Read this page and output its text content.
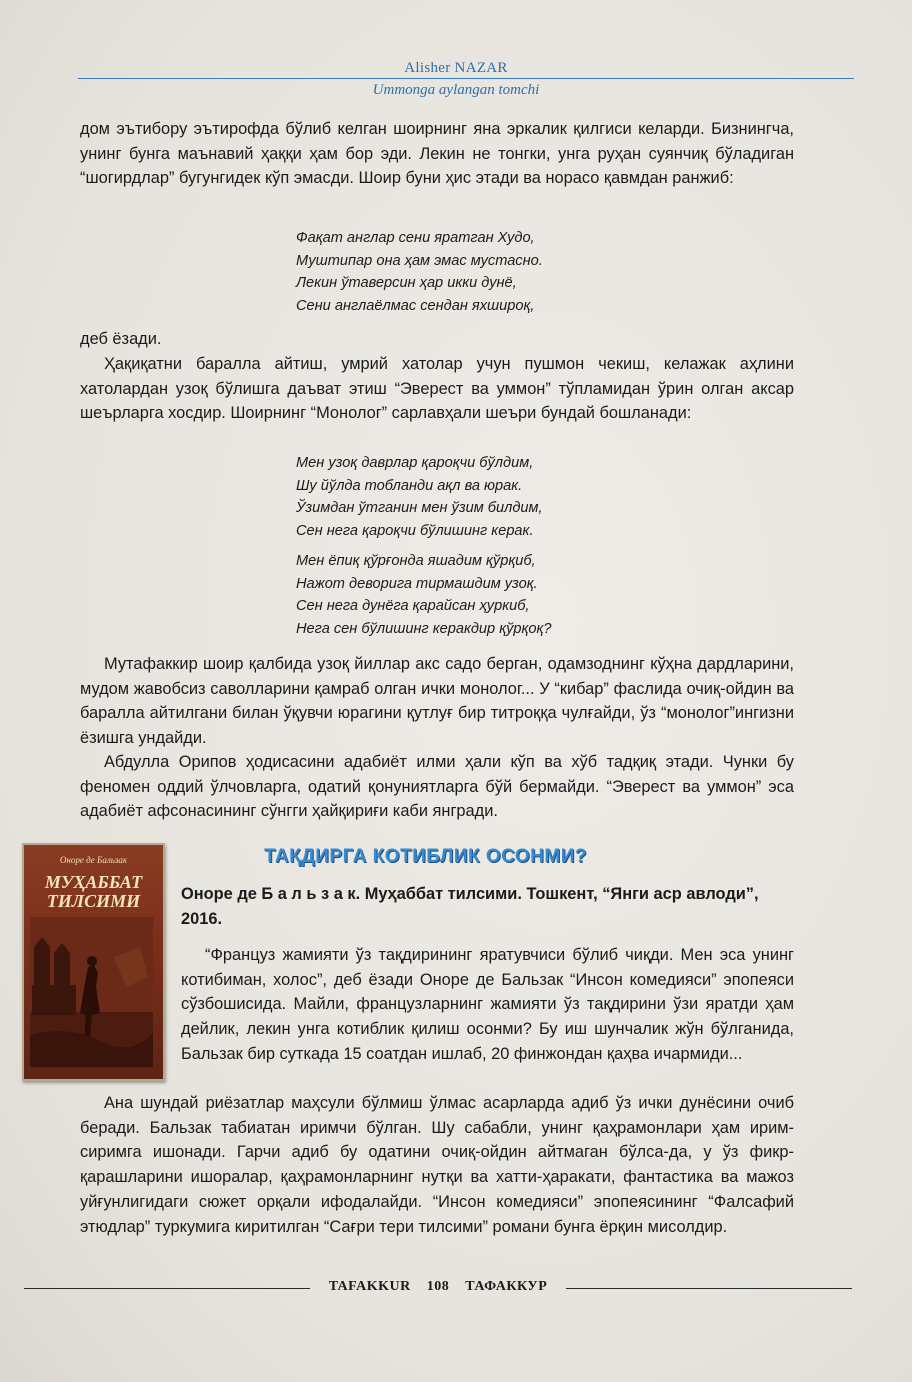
Alisher NAZAR
Ummonga aylangan tomchi

дом эътибору эътирофда бўлиб келган шоирнинг яна эркалик қилгиси келарди. Бизнингча, унинг бунга маънавий ҳаққи ҳам бор эди. Лекин не тонгки, унга руҳан суянчиқ бўладиган “шогирдлар” бугунгидек кўп эмасди. Шоир буни ҳис этади ва норасо қавмдан ранжиб:

Фақат англар сени яратган Худо,
Муштипар она ҳам эмас мустасно.
Лекин ўтаверсин ҳар икки дунё,
Сени англаёлмас сендан яхшироқ,

деб ёзади.

Ҳақиқатни баралла айтиш, умрий хатолар учун пушмон чекиш, келажак аҳлини хатолардан узоқ бўлишга даъват этиш “Эверест ва уммон” тўпламидан ўрин олган аксар шеърларга хосдир. Шоирнинг “Монолог” сарлавҳали шеъри бундай бошланади:

Мен узоқ даврлар қароқчи бўлдим,
Шу йўлда тобланди ақл ва юрак.
Ўзимдан ўтганин мен ўзим билдим,
Сен нега қароқчи бўлишинг керак.
Мен ёпиқ қўрғонда яшадим қўрқиб,
Нажот деворига тирмашдим узоқ.
Сен нега дунёга қарайсан ҳуркиб,
Нега сен бўлишинг керакдир қўрқоқ?

Мутафаккир шоир қалбида узоқ йиллар акс садо берган, одамзоднинг кўҳна дардларини, мудом жавобсиз саволларини қамраб олган ички монолог... У “кибар” фаслида очиқ-ойдин ва баралла айтилгани билан ўқувчи юрагини қутлуғ бир титроққа чулғайди, ўз “монолог”ингизни ёзишга ундайди.

Абдулла Орипов ҳодисасини адабиёт илми ҳали кўп ва хўб тадқиқ этади. Чунки бу феномен оддий ўлчовларга, одатий қонуниятларга бўй бермайди. “Эверест ва уммон” эса адабиёт афсонасининг сўнгги ҳайқириғи каби янгради.

Оноре де Бальзак
МУҲАББАТ
ТИЛСИМИ
ТАҚДИРГА КОТИБЛИК ОСОНМИ?

Оноре де Б а л ь з а к. Муҳаббат тилсими. Тошкент, “Янги аср авлоди”, 2016.

“Француз жамияти ўз тақдирининг яратувчиси бўлиб чиқди. Мен эса унинг котибиман, холос”, деб ёзади Оноре де Бальзак “Инсон комедияси” эпопеяси сўзбошисида. Майли, французларнинг жамияти ўз тақдирини ўзи яратди ҳам дейлик, лекин унга котиблик қилиш осонми? Бу иш шунчалик жўн бўлганида, Бальзак бир суткада 15 соатдан ишлаб, 20 финжондан қаҳва ичармиди...

Ана шундай риёзатлар маҳсули бўлмиш ўлмас асарларда адиб ўз ички дунёсини очиб беради. Бальзак табиатан иримчи бўлган. Шу сабабли, унинг қаҳрамонлари ҳам ирим-сиримга ишонади. Гарчи адиб бу одатини очиқ-ойдин айтмаган бўлса-да, у ўз фикр-қарашларини ишоралар, қаҳрамонларнинг нутқи ва хатти-ҳаракати, фантастика ва мажоз уйғунлигидаги сюжет орқали ифодалайди. “Инсон комедияси” эпопеясининг “Фалсафий этюдлар” туркумига киритилган “Сағри тери тилсими” романи бунга ёрқин мисолдир.

TAFAKKUR 108 ТАФАККУР
